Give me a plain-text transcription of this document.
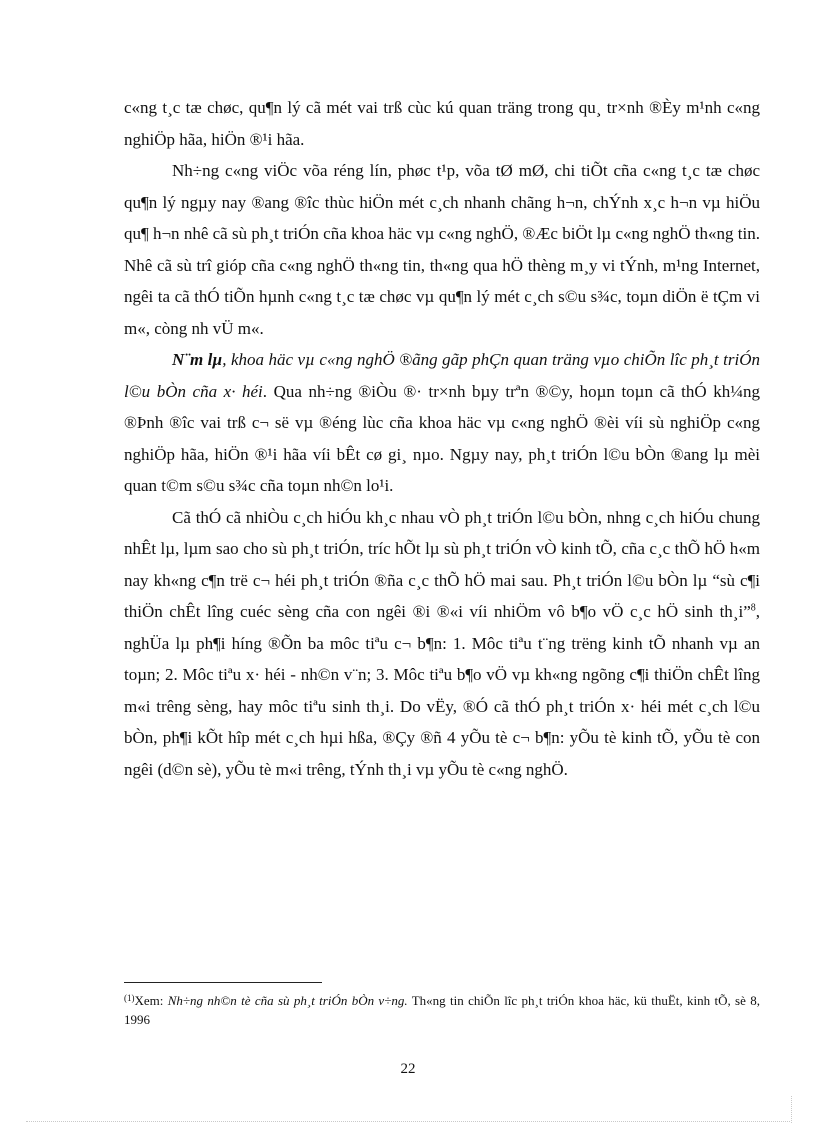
c«ng t¸c tæ chøc, qu¶n lý cã mét vai trß cùc kú quan träng trong qu¸ tr×nh ®Èy m¹nh c«ng nghiÖp hãa, hiÖn ®¹i hãa.

Nh÷ng c«ng viÖc võa réng lín, phøc t¹p, võa tØ mØ, chi tiÕt cña c«ng t¸c tæ chøc qu¶n lý ngµy nay ®ang ®îc thùc hiÖn mét c¸ch nhanh chãng h¬n, chÝnh x¸c h¬n vµ hiÖu qu¶ h¬n nhê cã sù ph¸t triÓn cña khoa häc vµ c«ng nghÖ, ®Æc biÖt lµ c«ng nghÖ th«ng tin. Nhê cã sù trî gióp cña c«ng nghÖ th«ng tin, th«ng qua hÖ thèng m¸y vi tÝnh, m¹ng Internet, ngêi ta cã thÓ tiÕn hµnh c«ng t¸c tæ chøc vµ qu¶n lý mét c¸ch s©u s¾c, toµn diÖn ë tÇm vi m«, còng nh vÜ m«.

N¨m lµ, khoa häc vµ c«ng nghÖ ®ãng gãp phÇn quan träng vµo chiÕn lîc ph¸t triÓn l©u bÒn cña x· héi. Qua nh÷ng ®iÒu ®· tr×nh bµy trªn ®©y, hoµn toµn cã thÓ kh¼ng ®Þnh ®îc vai trß c¬ së vµ ®éng lùc cña khoa häc vµ c«ng nghÖ ®èi víi sù nghiÖp c«ng nghiÖp hãa, hiÖn ®¹i hãa víi bÊt cø gi¸ nµo. Ngµy nay, ph¸t triÓn l©u bÒn ®ang lµ mèi quan t©m s©u s¾c cña toµn nh©n lo¹i.

Cã thÓ cã nhiÒu c¸ch hiÓu kh¸c nhau vÒ ph¸t triÓn l©u bÒn, nhng c¸ch hiÓu chung nhÊt lµ, lµm sao cho sù ph¸t triÓn, tríc hÕt lµ sù ph¸t triÓn vÒ kinh tÕ, cña c¸c thÕ hÖ h«m nay kh«ng c¶n trë c¬ héi ph¸t triÓn ®ña c¸c thÕ hÖ mai sau. Ph¸t triÓn l©u bÒn lµ “sù c¶i thiÖn chÊt lîng cuéc sèng cña con ngêi ®i ®«i víi nhiÖm vô b¶o vÖ c¸c hÖ sinh th¸i”$^8$, nghÜa lµ ph¶i híng ®Õn ba môc tiªu c¬ b¶n: 1. Môc tiªu t¨ng trëng kinh tÕ nhanh vµ an toµn; 2. Môc tiªu x· héi - nh©n v¨n; 3. Môc tiªu b¶o vÖ vµ kh«ng ngõng c¶i thiÖn chÊt lîng m«i trêng sèng, hay môc tiªu sinh th¸i. Do vËy, ®Ó cã thÓ ph¸t triÓn x· héi mét c¸ch l©u bÒn, ph¶i kÕt hîp mét c¸ch hµi hßa, ®Çy ®ñ 4 yÕu tè c¬ b¶n: yÕu tè kinh tÕ, yÕu tè con ngêi (d©n sè), yÕu tè m«i trêng, tÝnh th¸i vµ yÕu tè c«ng nghÖ.

$^{(1)}$Xem: Nh÷ng nh©n tè cña sù ph¸t triÓn bÒn v÷ng. Th«ng tin chiÕn lîc ph¸t triÓn khoa häc, kü thuËt, kinh tÕ, sè 8, 1996
22
